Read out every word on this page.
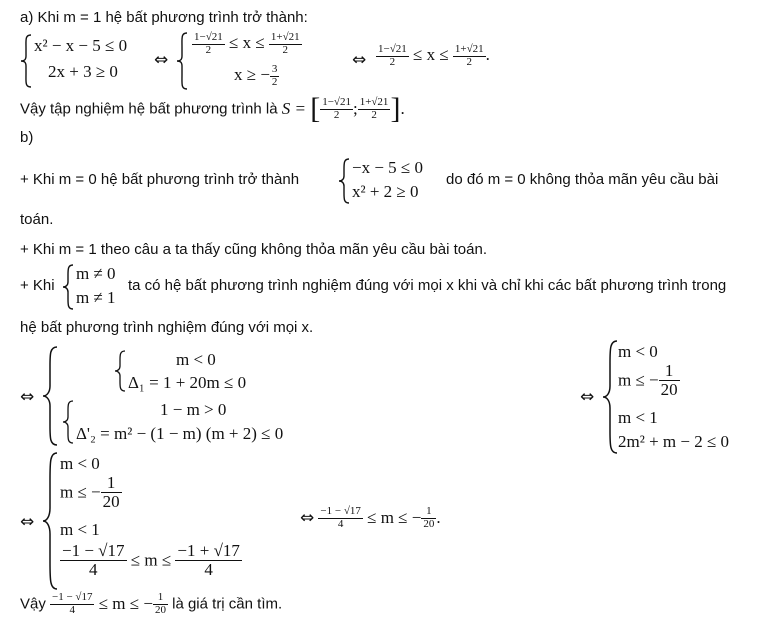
a) Khi m = 1 hệ bất phương trình trở thành:
x² − x − 5 ≤ 0
2x + 3 ≥ 0
⇔
$\frac{1-√21}{2} \le x \le \frac{1+√21}{2}$
x ≥ − $\frac{3}{2}$
⇔ $\frac{1-√21}{2} \le x \le \frac{1+√21}{2}$ .
Vậy tập nghiệm hệ bất phương trình là S = [ $\frac{1-√21}{2}$ ; $\frac{1+√21}{2}$ ].
b)
+ Khi m = 0 hệ bất phương trình trở thành
−x − 5 ≤ 0
x² + 2 ≥ 0
do đó m = 0 không thỏa mãn yêu cầu bài
toán.
+ Khi m = 1 theo câu a ta thấy cũng không thỏa mãn yêu cầu bài toán.
+ Khi
m ≠ 0
m ≠ 1
ta có hệ bất phương trình nghiệm đúng với mọi x khi và chỉ khi các bất phương trình trong
hệ bất phương trình nghiệm đúng với mọi x.
⇔
m < 0
Δ₁ = 1 + 20m ≤ 0
1 − m > 0
Δ'₂ = m² − (1 − m) (m + 2) ≤ 0
⇔
m < 0
m ≤ − $\frac{1}{20}$
m < 1
2m² + m − 2 ≤ 0
⇔
m < 0
m ≤ − $\frac{1}{20}$
m < 1
$\frac{-1 - √17}{4} \le m \le \frac{-1 + √17}{4}$
⇔ $\frac{-1 - √17}{4} \le m$ ≤ − $\frac{1}{20}$ .
Vậy $\frac{-1 - √17}{4} \le m$ ≤ − $\frac{1}{20}$ là giá trị cần tìm.
